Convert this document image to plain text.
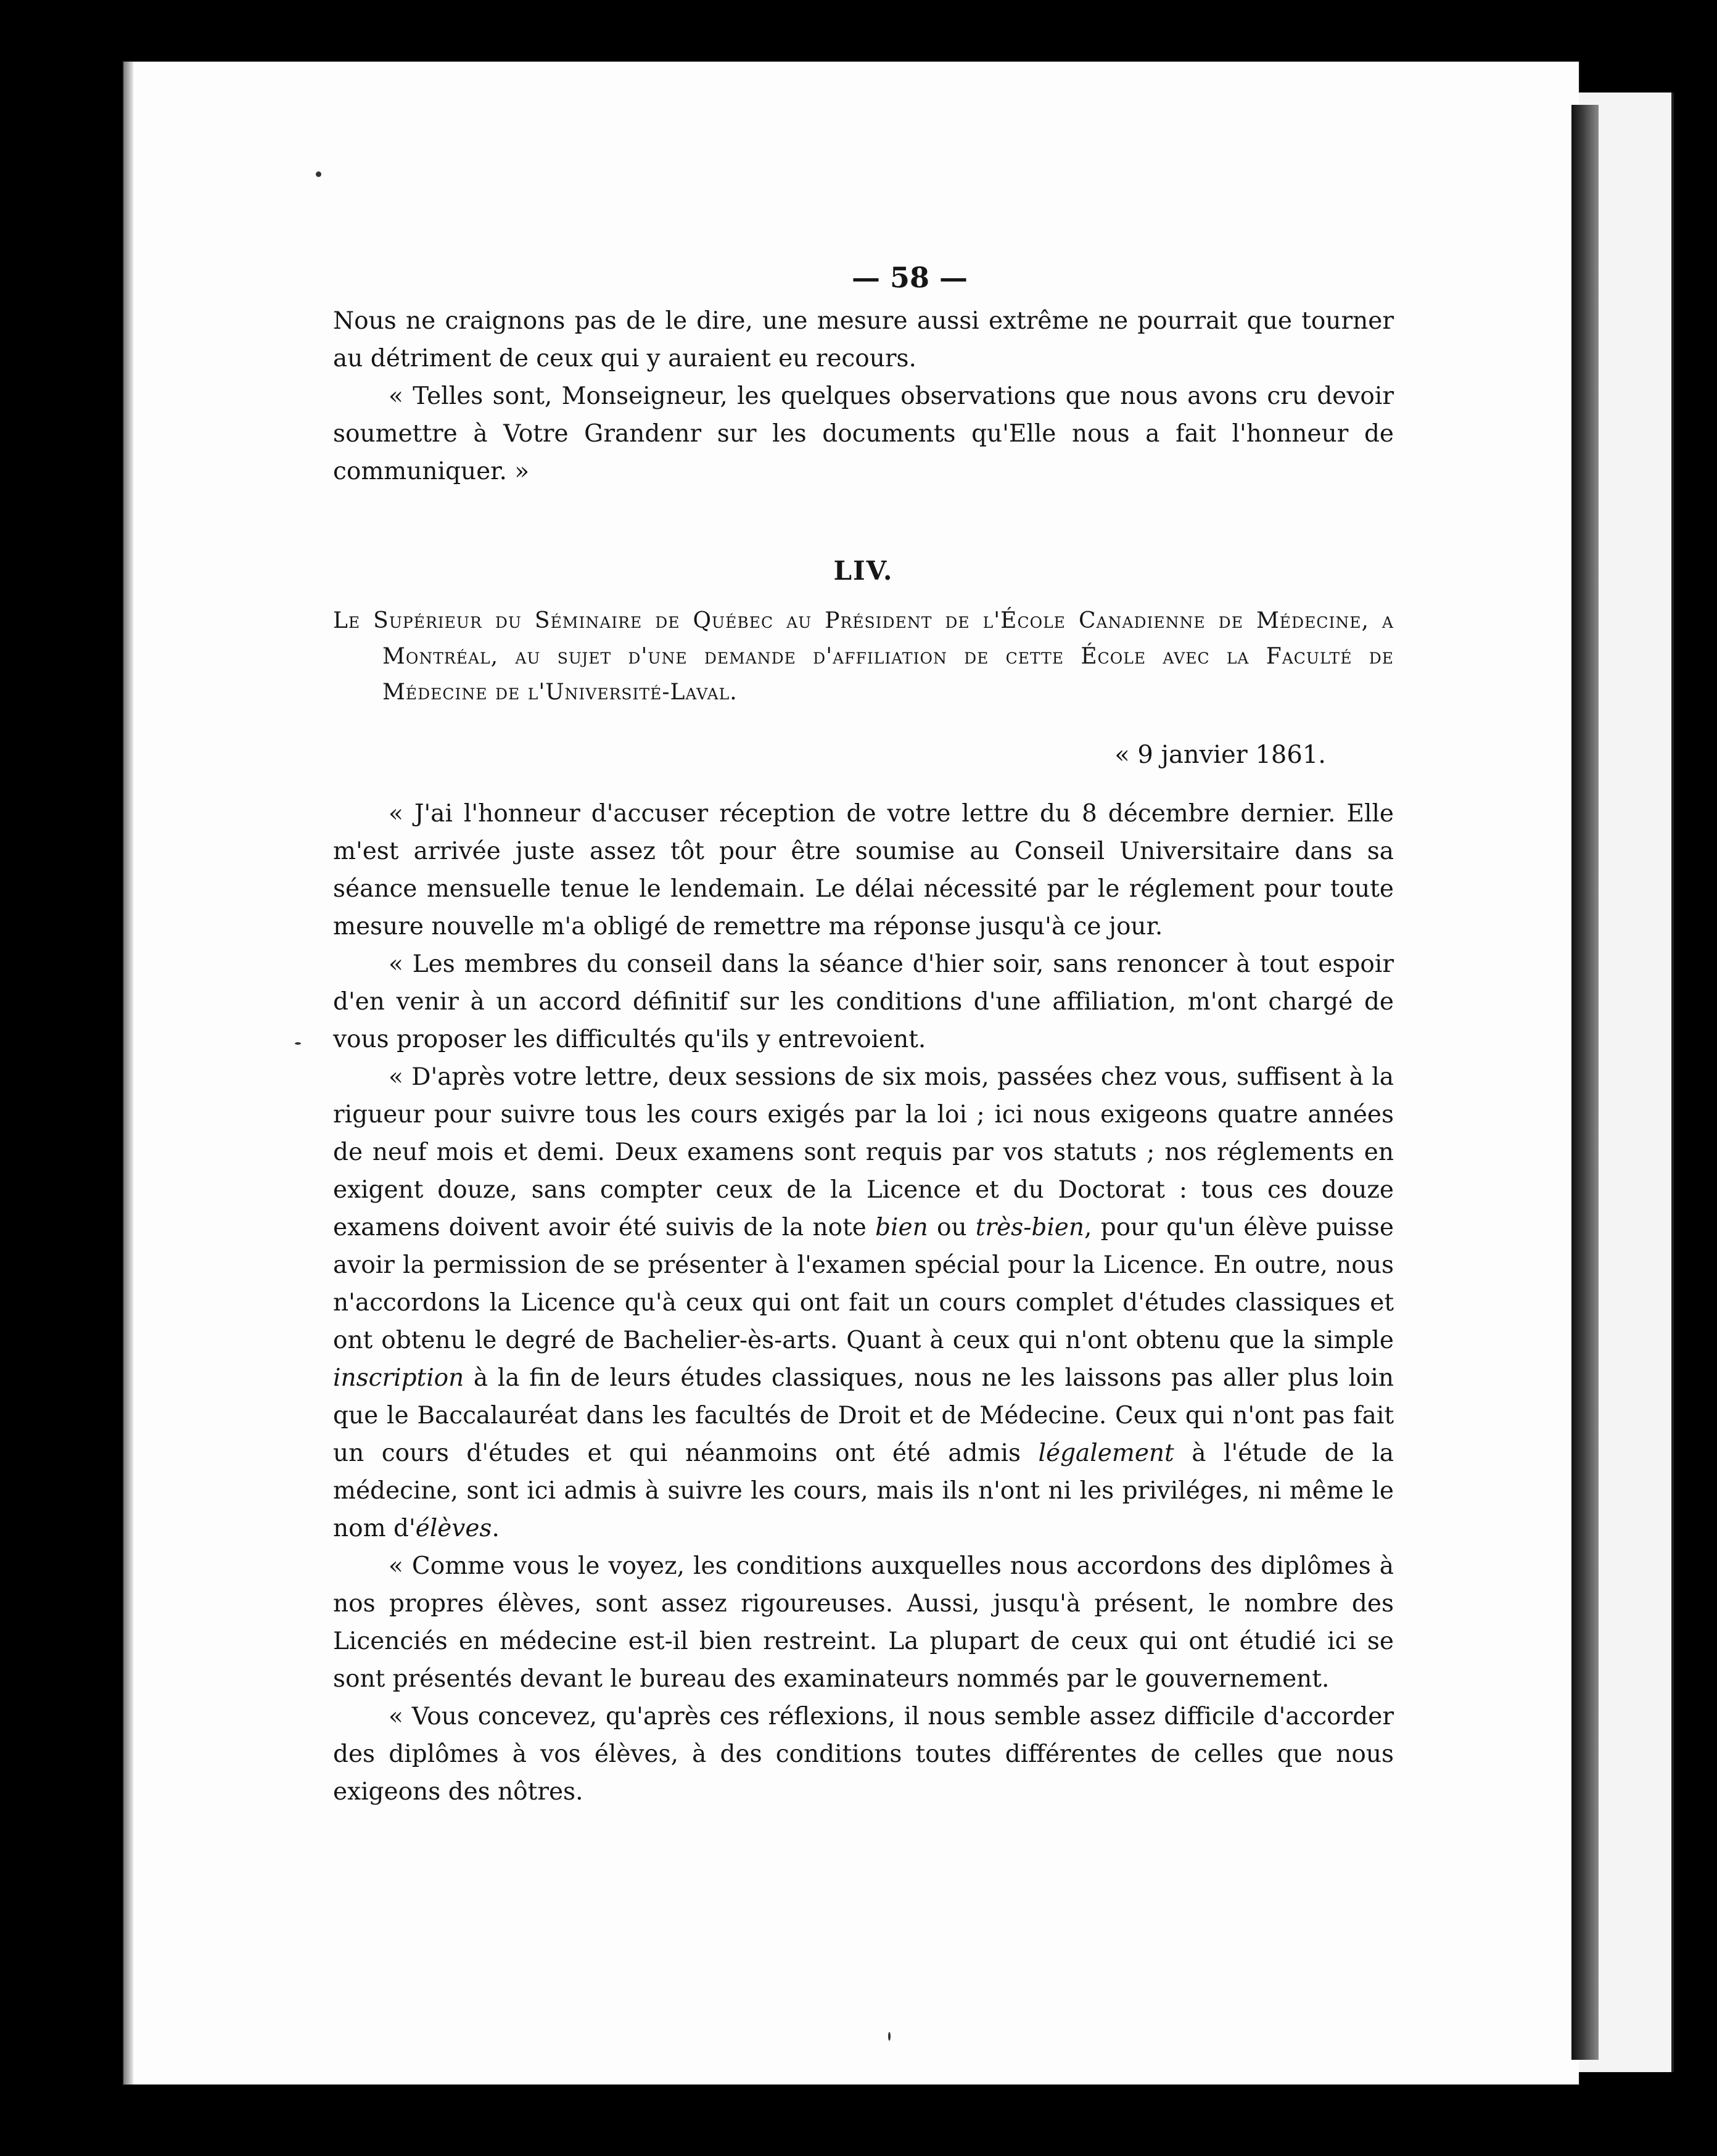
— 58 —

Nous ne craignons pas de le dire, une mesure aussi extrême ne pourrait que tourner au détriment de ceux qui y auraient eu recours.

« Telles sont, Monseigneur, les quelques observations que nous avons cru devoir soumettre à Votre Grandenr sur les documents qu'Elle nous a fait l'honneur de communiquer. »

LIV.

Le Supérieur du Séminaire de Québec au Président de l'École Canadienne de Médecine, a Montréal, au sujet d'une demande d'affiliation de cette École avec la Faculté de Médecine de l'Université-Laval.

« 9 janvier 1861.

« J'ai l'honneur d'accuser réception de votre lettre du 8 décembre dernier. Elle m'est arrivée juste assez tôt pour être soumise au Conseil Universitaire dans sa séance mensuelle tenue le lendemain. Le délai nécessité par le réglement pour toute mesure nouvelle m'a obligé de remettre ma réponse jusqu'à ce jour.

« Les membres du conseil dans la séance d'hier soir, sans renoncer à tout espoir d'en venir à un accord définitif sur les conditions d'une affiliation, m'ont chargé de vous proposer les difficultés qu'ils y entrevoient.

« D'après votre lettre, deux sessions de six mois, passées chez vous, suffisent à la rigueur pour suivre tous les cours exigés par la loi ; ici nous exigeons quatre années de neuf mois et demi. Deux examens sont requis par vos statuts ; nos réglements en exigent douze, sans compter ceux de la Licence et du Doctorat : tous ces douze examens doivent avoir été suivis de la note bien ou très-bien, pour qu'un élève puisse avoir la permission de se présenter à l'examen spécial pour la Licence. En outre, nous n'accordons la Licence qu'à ceux qui ont fait un cours complet d'études classiques et ont obtenu le degré de Bachelier-ès-arts. Quant à ceux qui n'ont obtenu que la simple inscription à la fin de leurs études classiques, nous ne les laissons pas aller plus loin que le Baccalauréat dans les facultés de Droit et de Médecine. Ceux qui n'ont pas fait un cours d'études et qui néanmoins ont été admis légalement à l'étude de la médecine, sont ici admis à suivre les cours, mais ils n'ont ni les priviléges, ni même le nom d'élèves.

« Comme vous le voyez, les conditions auxquelles nous accordons des diplômes à nos propres élèves, sont assez rigoureuses. Aussi, jusqu'à présent, le nombre des Licenciés en médecine est-il bien restreint. La plupart de ceux qui ont étudié ici se sont présentés devant le bureau des examinateurs nommés par le gouvernement.

« Vous concevez, qu'après ces réflexions, il nous semble assez difficile d'accorder des diplômes à vos élèves, à des conditions toutes différentes de celles que nous exigeons des nôtres.
